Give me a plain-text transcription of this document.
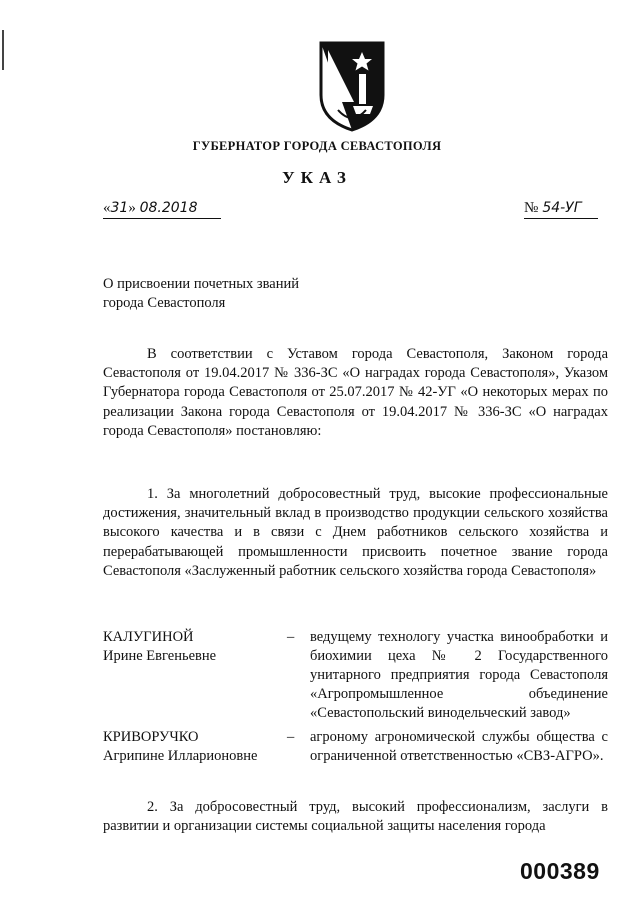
ГУБЕРНАТОР ГОРОДА СЕВАСТОПОЛЯ
УКАЗ
«31» 08.2018	№ 54-УГ
О присвоении почетных званий
города Севастополя
В соответствии с Уставом города Севастополя, Законом города Севастополя от 19.04.2017 № 336-ЗС «О наградах города Севастополя», Указом Губернатора города Севастополя от 25.07.2017 № 42-УГ «О некоторых мерах по реализации Закона города Севастополя от 19.04.2017 № 336-ЗС «О наградах города Севастополя» постановляю:
1. За многолетний добросовестный труд, высокие профессиональные достижения, значительный вклад в производство продукции сельского хозяйства высокого качества и в связи с Днем работников сельского хозяйства и перерабатывающей промышленности присвоить почетное звание города Севастополя «Заслуженный работник сельского хозяйства города Севастополя»
КАЛУГИНОЙ
Ирине Евгеньевне
– ведущему технологу участка винообработки и биохимии цеха № 2 Государственного унитарного предприятия города Севастополя «Агропромышленное объединение «Севастопольский винодельческий завод»
КРИВОРУЧКО
Агрипине Илларионовне
– агроному агрономической службы общества с ограниченной ответственностью «СВЗ-АГРО».
2. За добросовестный труд, высокий профессионализм, заслуги в развитии и организации системы социальной защиты населения города
000389
